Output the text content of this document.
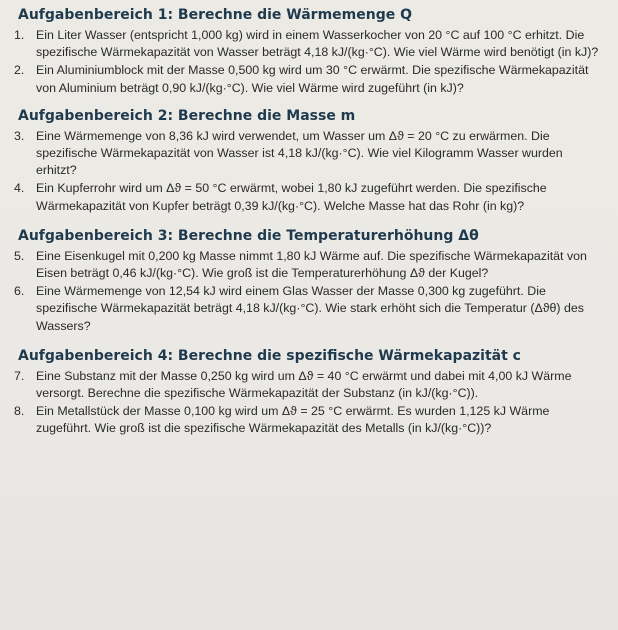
Aufgabenbereich 1: Berechne die Wärmemenge Q
1. Ein Liter Wasser (entspricht 1,000 kg) wird in einem Wasserkocher von 20 °C auf 100 °C erhitzt. Die spezifische Wärmekapazität von Wasser beträgt 4,18 kJ/(kg·°C). Wie viel Wärme wird benötigt (in kJ)?
2. Ein Aluminiumblock mit der Masse 0,500 kg wird um 30 °C erwärmt. Die spezifische Wärmekapazität von Aluminium beträgt 0,90 kJ/(kg·°C). Wie viel Wärme wird zugeführt (in kJ)?
Aufgabenbereich 2: Berechne die Masse m
3. Eine Wärmemenge von 8,36 kJ wird verwendet, um Wasser um Δϑ = 20 °C zu erwärmen. Die spezifische Wärmekapazität von Wasser ist 4,18 kJ/(kg·°C). Wie viel Kilogramm Wasser wurden erhitzt?
4. Ein Kupferrohr wird um Δϑ = 50 °C erwärmt, wobei 1,80 kJ zugeführt werden. Die spezifische Wärmekapazität von Kupfer beträgt 0,39 kJ/(kg·°C). Welche Masse hat das Rohr (in kg)?
Aufgabenbereich 3: Berechne die Temperaturerhöhung Δθ
5. Eine Eisenkugel mit 0,200 kg Masse nimmt 1,80 kJ Wärme auf. Die spezifische Wärmekapazität von Eisen beträgt 0,46 kJ/(kg·°C). Wie groß ist die Temperaturerhöhung Δϑ der Kugel?
6. Eine Wärmemenge von 12,54 kJ wird einem Glas Wasser der Masse 0,300 kg zugeführt. Die spezifische Wärmekapazität beträgt 4,18 kJ/(kg·°C). Wie stark erhöht sich die Temperatur (Δϑθ) des Wassers?
Aufgabenbereich 4: Berechne die spezifische Wärmekapazität c
7. Eine Substanz mit der Masse 0,250 kg wird um Δϑ = 40 °C erwärmt und dabei mit 4,00 kJ Wärme versorgt. Berechne die spezifische Wärmekapazität der Substanz (in kJ/(kg·°C)).
8. Ein Metallstück der Masse 0,100 kg wird um Δϑ = 25 °C erwärmt. Es wurden 1,125 kJ Wärme zugeführt. Wie groß ist die spezifische Wärmekapazität des Metalls (in kJ/(kg·°C))?
